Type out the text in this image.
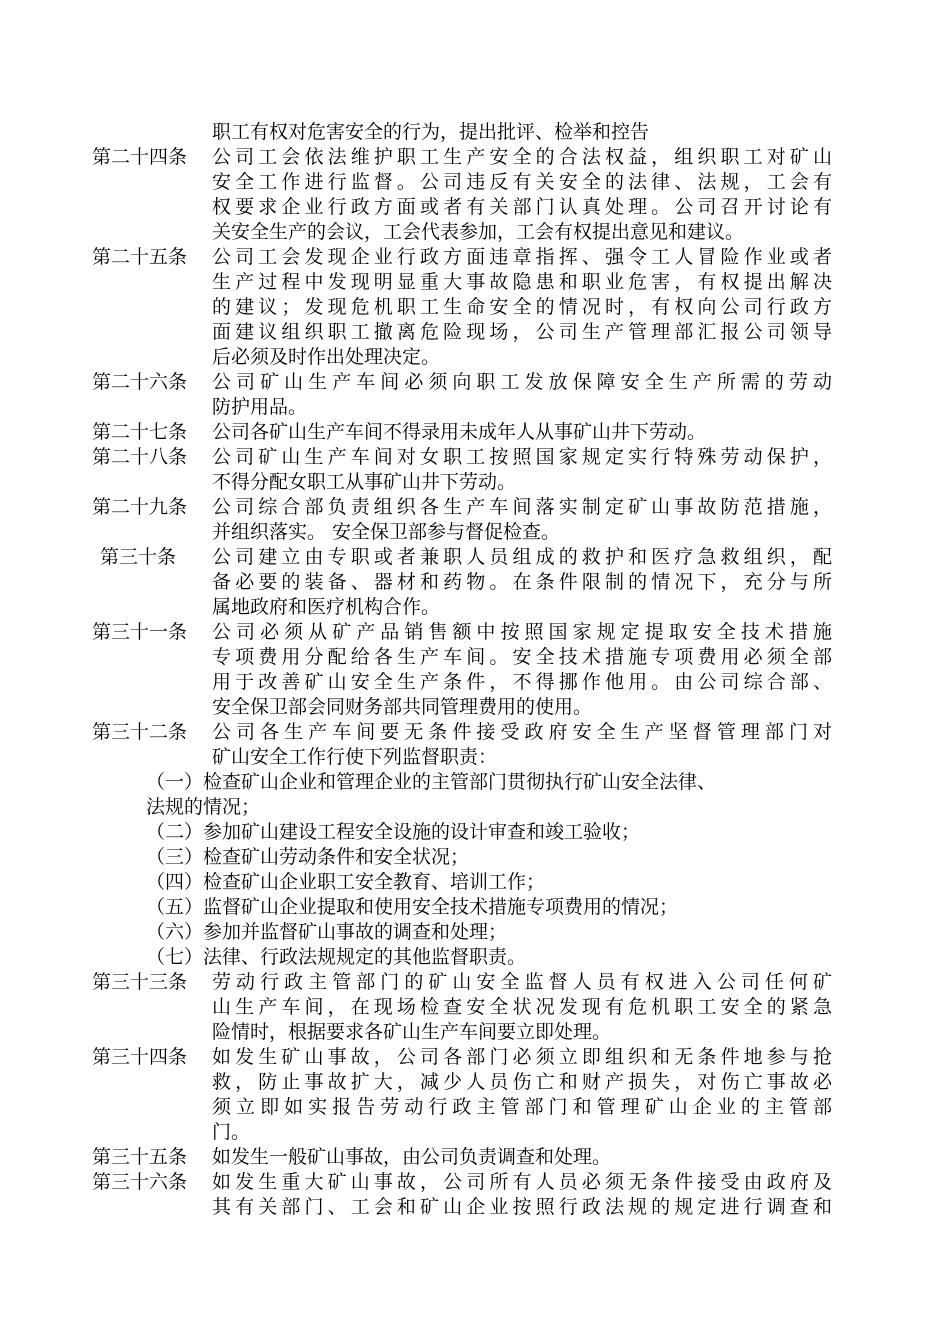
职工有权对危害安全的行为，提出批评、检举和控告
第二十四条	公司工会依法维护职工生产安全的合法权益，组织职工对矿山
安全工作进行监督。公司违反有关安全的法律、法规，工会有
权要求企业行政方面或者有关部门认真处理。公司召开讨论有
关安全生产的会议，工会代表参加，工会有权提出意见和建议。
第二十五条	公司工会发现企业行政方面违章指挥、强令工人冒险作业或者
生产过程中发现明显重大事故隐患和职业危害，有权提出解决
的建议；发现危机职工生命安全的情况时，有权向公司行政方
面建议组织职工撤离危险现场，公司生产管理部汇报公司领导
后必须及时作出处理决定。
第二十六条	公司矿山生产车间必须向职工发放保障安全生产所需的劳动
防护用品。
第二十七条	公司各矿山生产车间不得录用未成年人从事矿山井下劳动。
第二十八条	公司矿山生产车间对女职工按照国家规定实行特殊劳动保护，
不得分配女职工从事矿山井下劳动。
第二十九条	公司综合部负责组织各生产车间落实制定矿山事故防范措施，
并组织落实。 安全保卫部参与督促检查。
第三十条	公司建立由专职或者兼职人员组成的救护和医疗急救组织，配
备必要的装备、器材和药物。在条件限制的情况下，充分与所
属地政府和医疗机构合作。
第三十一条	公司必须从矿产品销售额中按照国家规定提取安全技术措施
专项费用分配给各生产车间。安全技术措施专项费用必须全部
用于改善矿山安全生产条件，不得挪作他用。由公司综合部、
安全保卫部会同财务部共同管理费用的使用。
第三十二条	公司各生产车间要无条件接受政府安全生产坚督管理部门对
矿山安全工作行使下列监督职责：
（一）检查矿山企业和管理企业的主管部门贯彻执行矿山安全法律、
法规的情况；
（二）参加矿山建设工程安全设施的设计审查和竣工验收；
（三）检查矿山劳动条件和安全状况；
（四）检查矿山企业职工安全教育、培训工作；
（五）监督矿山企业提取和使用安全技术措施专项费用的情况；
（六）参加并监督矿山事故的调查和处理；
（七）法律、行政法规规定的其他监督职责。
第三十三条	劳动行政主管部门的矿山安全监督人员有权进入公司任何矿
山生产车间，在现场检查安全状况发现有危机职工安全的紧急
险情时，根据要求各矿山生产车间要立即处理。
第三十四条	如发生矿山事故，公司各部门必须立即组织和无条件地参与抢
救，防止事故扩大，减少人员伤亡和财产损失，对伤亡事故必
须立即如实报告劳动行政主管部门和管理矿山企业的主管部
门。
第三十五条	如发生一般矿山事故，由公司负责调查和处理。
第三十六条	如发生重大矿山事故，公司所有人员必须无条件接受由政府及
其有关部门、工会和矿山企业按照行政法规的规定进行调查和
